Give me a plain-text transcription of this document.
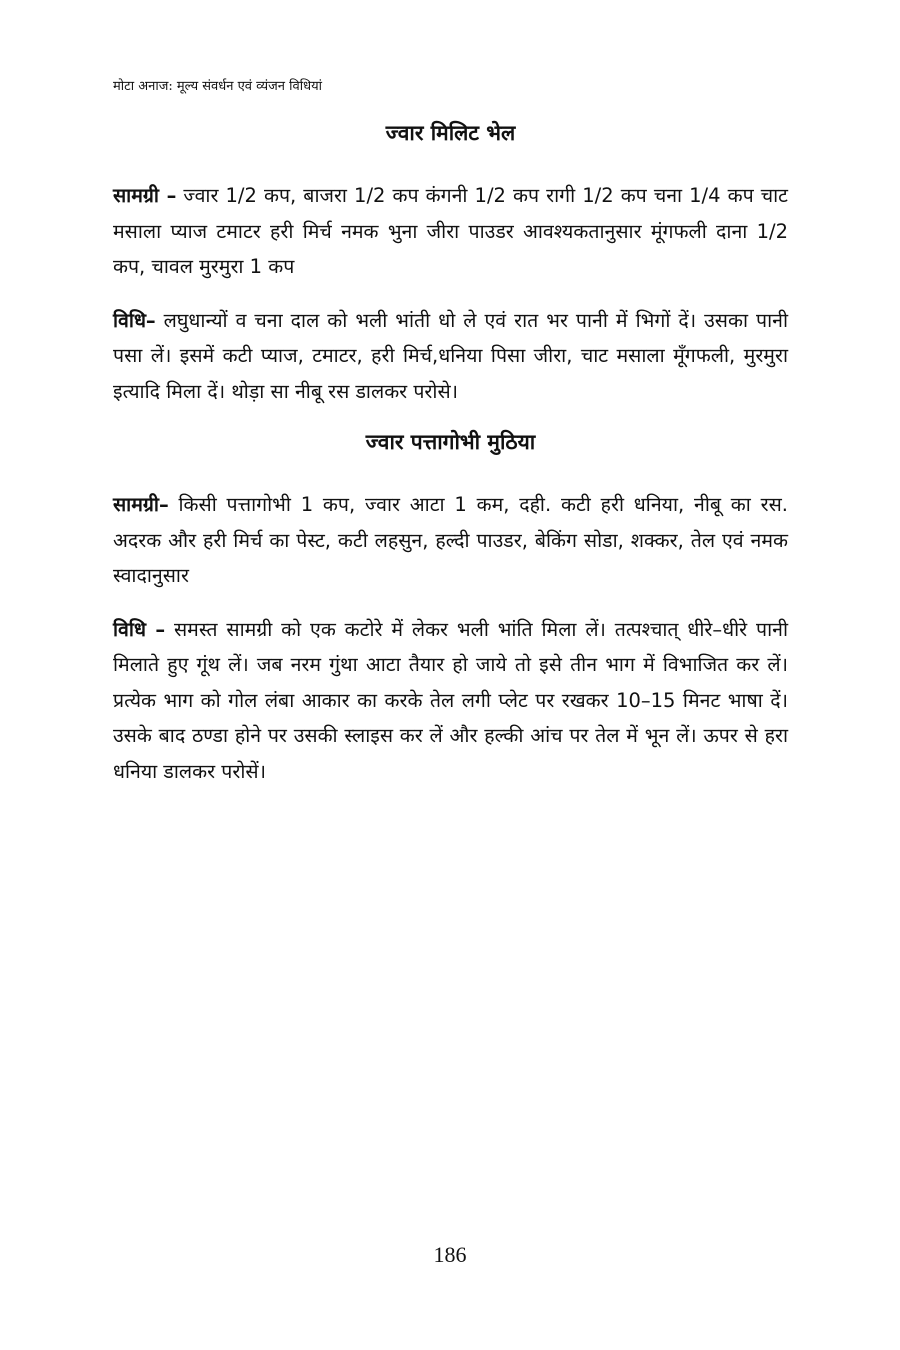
मोटा अनाज: मूल्य संवर्धन एवं व्यंजन विधियां

ज्वार मिलिट भेल

सामग्री – ज्वार 1/2 कप, बाजरा 1/2 कप कंगनी 1/2 कप रागी 1/2 कप चना 1/4 कप चाट मसाला प्याज टमाटर हरी मिर्च नमक भुना जीरा पाउडर आवश्यकतानुसार मूंगफली दाना 1/2 कप, चावल मुरमुरा 1 कप

विधि– लघुधान्यों व चना दाल को भली भांती धो ले एवं रात भर पानी में भिगों दें। उसका पानी पसा लें। इसमें कटी प्याज, टमाटर, हरी मिर्च,धनिया पिसा जीरा, चाट मसाला मूँगफली, मुरमुरा इत्यादि मिला दें। थोड़ा सा नीबू रस डालकर परोसे।

ज्वार पत्तागोभी मुठिया

सामग्री– किसी पत्तागोभी 1 कप, ज्वार आटा 1 कम, दही. कटी हरी धनिया, नीबू का रस. अदरक और हरी मिर्च का पेस्ट, कटी लहसुन, हल्दी पाउडर, बेकिंग सोडा, शक्कर, तेल एवं नमक स्वादानुसार

विधि – समस्त सामग्री को एक कटोरे में लेकर भली भांति मिला लें। तत्पश्चात् धीरे–धीरे पानी मिलाते हुए गूंथ लें। जब नरम गुंथा आटा तैयार हो जाये तो इसे तीन भाग में विभाजित कर लें। प्रत्येक भाग को गोल लंबा आकार का करके तेल लगी प्लेट पर रखकर 10–15 मिनट भाषा दें। उसके बाद ठण्डा होने पर उसकी स्लाइस कर लें और हल्की आंच पर तेल में भून लें। ऊपर से हरा धनिया डालकर परोसें।

186
